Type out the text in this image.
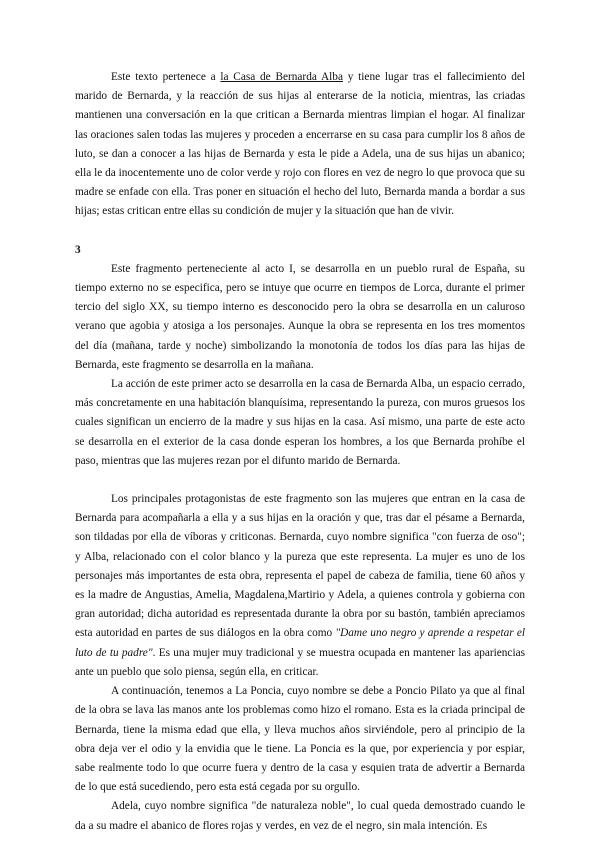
Este texto pertenece a la Casa de Bernarda Alba y tiene lugar tras el fallecimiento del marido de Bernarda, y la reacción de sus hijas al enterarse de la noticia, mientras, las criadas mantienen una conversación en la que critican a Bernarda mientras limpian el hogar. Al finalizar las oraciones salen todas las mujeres y proceden a encerrarse en su casa para cumplir los 8 años de luto, se dan a conocer a las hijas de Bernarda y esta le pide a Adela, una de sus hijas un abanico; ella le da inocentemente uno de color verde y rojo con flores en vez de negro lo que provoca que su madre se enfade con ella. Tras poner en situación el hecho del luto, Bernarda manda a bordar a sus hijas; estas critican entre ellas su condición de mujer y la situación que han de vivir.

3

Este fragmento perteneciente al acto I, se desarrolla en un pueblo rural de España, su tiempo externo no se especifica, pero se intuye que ocurre en tiempos de Lorca, durante el primer tercio del siglo XX, su tiempo interno es desconocido pero la obra se desarrolla en un caluroso verano que agobia y atosiga a los personajes. Aunque la obra se representa en los tres momentos del día (mañana, tarde y noche) simbolizando la monotonía de todos los días para las hijas de Bernarda, este fragmento se desarrolla en la mañana.

La acción de este primer acto se desarrolla en la casa de Bernarda Alba, un espacio cerrado, más concretamente en una habitación blanquísima, representando la pureza, con muros gruesos los cuales significan un encierro de la madre y sus hijas en la casa. Así mismo, una parte de este acto se desarrolla en el exterior de la casa donde esperan los hombres, a los que Bernarda prohíbe el paso, mientras que las mujeres rezan por el difunto marido de Bernarda.

Los principales protagonistas de este fragmento son las mujeres que entran en la casa de Bernarda para acompañarla a ella y a sus hijas en la oración y que, tras dar el pésame a Bernarda, son tildadas por ella de víboras y criticonas. Bernarda, cuyo nombre significa "con fuerza de oso"; y Alba, relacionado con el color blanco y la pureza que este representa. La mujer es uno de los personajes más importantes de esta obra, representa el papel de cabeza de familia, tiene 60 años y es la madre de Angustias, Amelia, Magdalena,Martirio y Adela, a quienes controla y gobierna con gran autoridad; dicha autoridad es representada durante la obra por su bastón, también apreciamos esta autoridad en partes de sus diálogos en la obra como "Dame uno negro y aprende a respetar el luto de tu padre". Es una mujer muy tradicional y se muestra ocupada en mantener las apariencias ante un pueblo que solo piensa, según ella, en criticar.

A continuación, tenemos a La Poncia, cuyo nombre se debe a Poncio Pilato ya que al final de la obra se lava las manos ante los problemas como hizo el romano. Esta es la criada principal de Bernarda, tiene la misma edad que ella, y lleva muchos años sirviéndole, pero al principio de la obra deja ver el odio y la envidia que le tiene. La Poncia es la que, por experiencia y por espiar, sabe realmente todo lo que ocurre fuera y dentro de la casa y esquien trata de advertir a Bernarda de lo que está sucediendo, pero esta está cegada por su orgullo.

Adela, cuyo nombre significa "de naturaleza noble", lo cual queda demostrado cuando le da a su madre el abanico de flores rojas y verdes, en vez de el negro, sin mala intención. Es
